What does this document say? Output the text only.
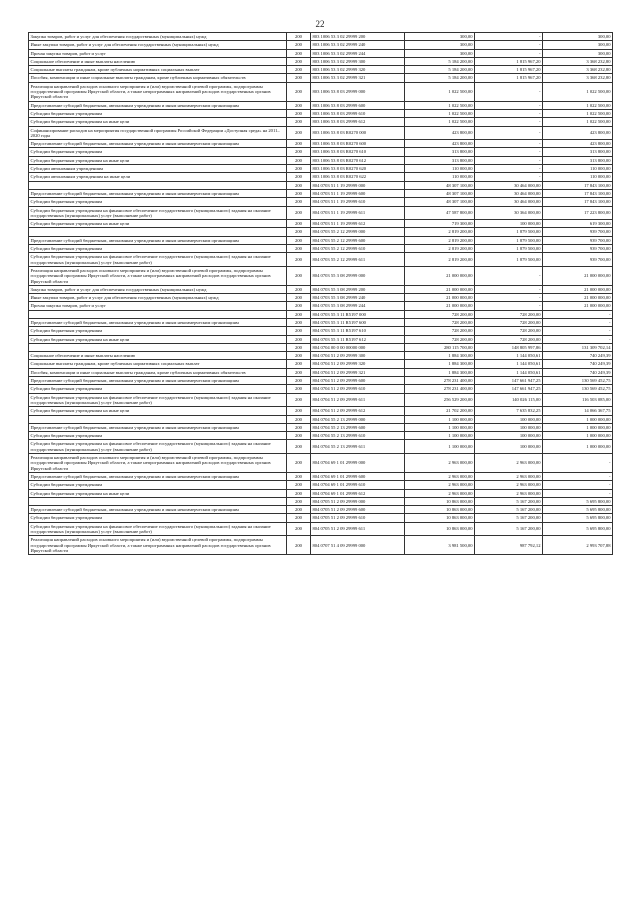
22
Закупка товаров, работ и услуг для обеспечения государственных (муниципальных) нужд	200	803 1006 53 3 02 29999 200	300,00	-	300,00
Иные закупки товаров, работ и услуг для обеспечения государственных (муниципальных) нужд	200	803 1006 53 3 02 29999 240	300,00	-	300,00
Прочая закупка товаров, работ и услуг	200	803 1006 53 3 02 29999 244	300,00	-	300,00
Социальное обеспечение и иные выплаты населению	200	803 1006 53 3 02 29999 300	5 184 200,00	1 815 967,20	3 368 232,80
Социальные выплаты гражданам, кроме публичных нормативных социальных выплат	200	803 1006 53 3 02 29999 320	5 184 200,00	1 815 967,20	3 368 232,80
Пособия, компенсации и иные социальные выплаты гражданам, кроме публичных нормативных обязательств	200	803 1006 53 3 02 29999 321	5 184 200,00	1 815 967,20	3 368 232,80
Реализация направлений расходов основного мероприятия и (или) ведомственной целевой программы, подпрограммы государственной программы Иркутской области, а также непрограммных направлений расходов государственных органов Иркутской области	200	803 1006 53 8 03 29999 000	1 022 500,00	-	1 022 500,00
Предоставление субсидий бюджетным, автономным учреждениям и иным некоммерческим организациям	200	803 1006 53 8 03 29999 600	1 022 500,00	-	1 022 500,00
Субсидии бюджетным учреждениям	200	803 1006 53 8 03 29999 610	1 022 500,00	-	1 022 500,00
Субсидии бюджетным учреждениям на иные цели	200	803 1006 53 8 03 29999 612	1 022 500,00	-	1 022 500,00
Софинансирование расходов на мероприятия государственной программы Российской Федерации «Доступная среда» на 2011–2020 годы	200	803 1006 53 8 03 R0270 000	423 800,00	-	423 800,00
Предоставление субсидий бюджетным, автономным учреждениям и иным некоммерческим организациям	200	803 1006 53 8 03 R0270 600	423 800,00	-	423 800,00
Субсидии бюджетным учреждениям	200	803 1006 53 8 03 R0270 610	313 800,00	-	313 800,00
Субсидии бюджетным учреждениям на иные цели	200	803 1006 53 8 03 R0270 612	313 800,00	-	313 800,00
Субсидии автономным учреждениям	200	803 1006 53 8 03 R0270 620	110 000,00	-	110 000,00
Субсидии автономным учреждениям на иные цели	200	803 1006 53 8 03 R0270 622	110 000,00	-	110 000,00
	200	804 0703 51 1 19 29999 000	48 307 100,00	30 464 000,00	17 843 100,00
Предоставление субсидий бюджетным, автономным учреждениям и иным некоммерческим организациям	200	804 0703 51 1 19 29999 600	48 307 100,00	30 464 000,00	17 843 100,00
Субсидии бюджетным учреждениям	200	804 0703 51 1 19 29999 610	48 307 100,00	30 464 000,00	17 843 100,00
Субсидии бюджетным учреждениям на финансовое обеспечение государственного (муниципального) задания на оказание государственных (муниципальных) услуг (выполнение работ)	200	804 0703 51 1 19 29999 611	47 587 800,00	30 364 000,00	17 223 800,00
Субсидии бюджетным учреждениям на иные цели	200	804 0703 51 1 19 29999 612	719 300,00	100 000,00	619 300,00
	200	804 0703 55 2 12 29999 000	2 819 200,00	1 879 500,00	939 700,00
Предоставление субсидий бюджетным, автономным учреждениям и иным некоммерческим организациям	200	804 0703 55 2 12 29999 600	2 819 200,00	1 879 500,00	939 700,00
Субсидии бюджетным учреждениям	200	804 0703 55 2 12 29999 610	2 819 200,00	1 879 500,00	939 700,00
Субсидии бюджетным учреждениям на финансовое обеспечение государственного (муниципального) задания на оказание государственных (муниципальных) услуг (выполнение работ)	200	804 0703 55 2 12 29999 611	2 819 200,00	1 879 500,00	939 700,00
Реализация направлений расходов основного мероприятия и (или) ведомственной целевой программы, подпрограммы государственной программы Иркутской области, а также непрограммных направлений расходов государственных органов Иркутской области	200	804 0703 55 3 08 29999 000	21 000 000,00	-	21 000 000,00
Закупка товаров, работ и услуг для обеспечения государственных (муниципальных) нужд	200	804 0703 55 3 08 29999 200	21 000 000,00	-	21 000 000,00
Иные закупки товаров, работ и услуг для обеспечения государственных (муниципальных) нужд	200	804 0703 55 3 08 29999 240	21 000 000,00	-	21 000 000,00
Прочая закупка товаров, работ и услуг	200	804 0703 55 3 08 29999 244	21 000 000,00	-	21 000 000,00
	200	804 0703 55 3 11 R5197 000	728 200,00	728 200,00	-
Предоставление субсидий бюджетным, автономным учреждениям и иным некоммерческим организациям	200	804 0703 55 3 11 R5197 600	728 200,00	728 200,00	-
Субсидии бюджетным учреждениям	200	804 0703 55 3 11 R5197 610	728 200,00	728 200,00	-
Субсидии бюджетным учреждениям на иные цели	200	804 0703 55 3 11 R5197 612	728 200,00	728 200,00	-
	200	804 0704 00 0 00 00000 000	280 115 700,00	148 805 997,86	131 309 702,14
Социальное обеспечение и иные выплаты населению	200	804 0704 51 2 09 29999 300	1 884 300,00	1 144 050,61	740 249,39
Социальные выплаты гражданам, кроме публичных нормативных социальных выплат	200	804 0704 51 2 09 29999 320	1 884 300,00	1 144 050,61	740 249,39
Пособия, компенсации и иные социальные выплаты гражданам, кроме публичных нормативных обязательств	200	804 0704 51 2 09 29999 321	1 884 300,00	1 144 050,61	740 249,39
Предоставление субсидий бюджетным, автономным учреждениям и иным некоммерческим организациям	200	804 0704 51 2 09 29999 600	278 231 400,00	147 661 947,25	130 569 452,75
Субсидии бюджетным учреждениям	200	804 0704 51 2 09 29999 610	278 231 400,00	147 661 947,25	130 569 452,75
Субсидии бюджетным учреждениям на финансовое обеспечение государственного (муниципального) задания на оказание государственных (муниципальных) услуг (выполнение работ)	200	804 0704 51 2 09 29999 611	256 529 200,00	140 026 115,00	116 503 085,00
Субсидии бюджетным учреждениям на иные цели	200	804 0704 51 2 09 29999 612	21 702 200,00	7 635 832,25	14 066 367,75
	200	804 0704 55 2 13 29999 000	1 100 000,00	100 000,00	1 000 000,00
Предоставление субсидий бюджетным, автономным учреждениям и иным некоммерческим организациям	200	804 0704 55 2 13 29999 600	1 100 000,00	100 000,00	1 000 000,00
Субсидии бюджетным учреждениям	200	804 0704 55 2 13 29999 610	1 100 000,00	100 000,00	1 000 000,00
Субсидии бюджетным учреждениям на финансовое обеспечение государственного (муниципального) задания на оказание государственных (муниципальных) услуг (выполнение работ)	200	804 0704 55 2 13 29999 611	1 100 000,00	100 000,00	1 000 000,00
Реализация направлений расходов основного мероприятия и (или) ведомственной целевой программы, подпрограммы государственной программы Иркутской области, а также непрограммных направлений расходов государственных органов Иркутской области	200	804 0704 69 1 01 29999 000	2 963 000,00	2 963 000,00	-
Предоставление субсидий бюджетным, автономным учреждениям и иным некоммерческим организациям	200	804 0704 69 1 01 29999 600	2 963 000,00	2 963 000,00	-
Субсидии бюджетным учреждениям	200	804 0704 69 1 01 29999 610	2 963 000,00	2 963 000,00	-
Субсидии бюджетным учреждениям на иные цели	200	804 0704 69 1 01 29999 612	2 963 000,00	2 963 000,00	-
	200	804 0705 51 2 09 29999 000	10 863 000,00	5 167 200,00	5 695 800,00
Предоставление субсидий бюджетным, автономным учреждениям и иным некоммерческим организациям	200	804 0705 51 2 09 29999 600	10 863 000,00	5 167 200,00	5 695 800,00
Субсидии бюджетным учреждениям	200	804 0705 51 2 09 29999 610	10 863 000,00	5 167 200,00	5 695 800,00
Субсидии бюджетным учреждениям на финансовое обеспечение государственного (муниципального) задания на оказание государственных (муниципальных) услуг (выполнение работ)	200	804 0705 51 2 09 29999 611	10 863 000,00	5 167 200,00	5 695 800,00
Реализация направлений расходов основного мероприятия и (или) ведомственной целевой программы, подпрограммы государственной программы Иркутской области, а также непрограммных направлений расходов государственных органов Иркутской области	200	804 0707 51 4 09 29999 000	3 981 500,00	987 792,12	2 993 707,88
